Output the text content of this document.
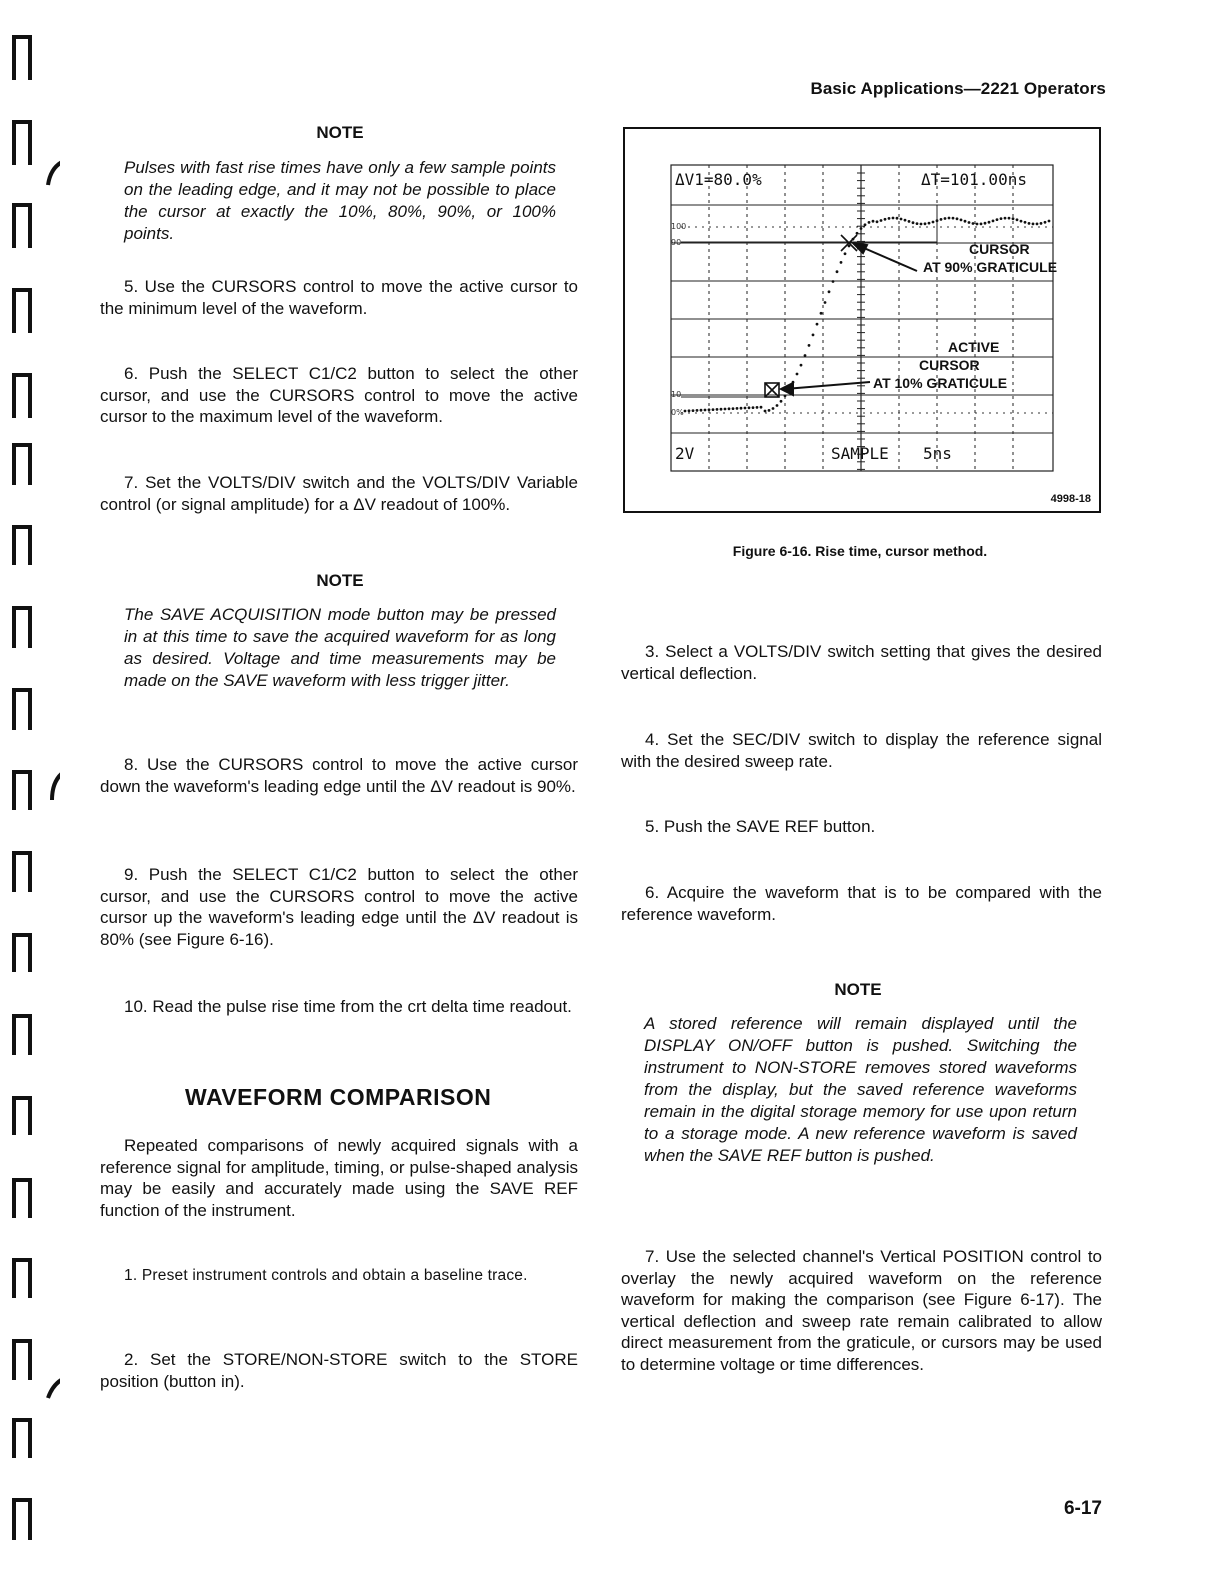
Basic Applications—2221 Operators
NOTE
Pulses with fast rise times have only a few sample points on the leading edge, and it may not be possible to place the cursor at exactly the 10%, 80%, 90%, or 100% points.
5. Use the CURSORS control to move the active cursor to the minimum level of the waveform.
6. Push the SELECT C1/C2 button to select the other cursor, and use the CURSORS control to move the active cursor to the maximum level of the waveform.
7. Set the VOLTS/DIV switch and the VOLTS/DIV Variable control (or signal amplitude) for a ΔV readout of 100%.
NOTE
The SAVE ACQUISITION mode button may be pressed in at this time to save the acquired waveform for as long as desired. Voltage and time measurements may be made on the SAVE waveform with less trigger jitter.
8. Use the CURSORS control to move the active cursor down the waveform's leading edge until the ΔV readout is 90%.
9. Push the SELECT C1/C2 button to select the other cursor, and use the CURSORS control to move the active cursor up the waveform's leading edge until the ΔV readout is 80% (see Figure 6-16).
10. Read the pulse rise time from the crt delta time readout.
WAVEFORM COMPARISON
Repeated comparisons of newly acquired signals with a reference signal for amplitude, timing, or pulse-shaped analysis may be easily and accurately made using the SAVE REF function of the instrument.
1. Preset instrument controls and obtain a baseline trace.
2. Set the STORE/NON-STORE switch to the STORE position (button in).
100
90
10
0%
ΔV1=80.0%	ΔT=101.00ns
2V	SAMPLE 5ns
CURSOR
AT 90% GRATICULE
ACTIVE
CURSOR
AT 10% GRATICULE
4998-18
Figure 6-16. Rise time, cursor method.
3. Select a VOLTS/DIV switch setting that gives the desired vertical deflection.
4. Set the SEC/DIV switch to display the reference signal with the desired sweep rate.
5. Push the SAVE REF button.
6. Acquire the waveform that is to be compared with the reference waveform.
NOTE
A stored reference will remain displayed until the DISPLAY ON/OFF button is pushed. Switching the instrument to NON-STORE removes stored waveforms from the display, but the saved reference waveforms remain in the digital storage memory for use upon return to a storage mode. A new reference waveform is saved when the SAVE REF button is pushed.
7. Use the selected channel's Vertical POSITION control to overlay the newly acquired waveform on the reference waveform for making the comparison (see Figure 6-17). The vertical deflection and sweep rate remain calibrated to allow direct measurement from the graticule, or cursors may be used to determine voltage or time differences.
6-17
